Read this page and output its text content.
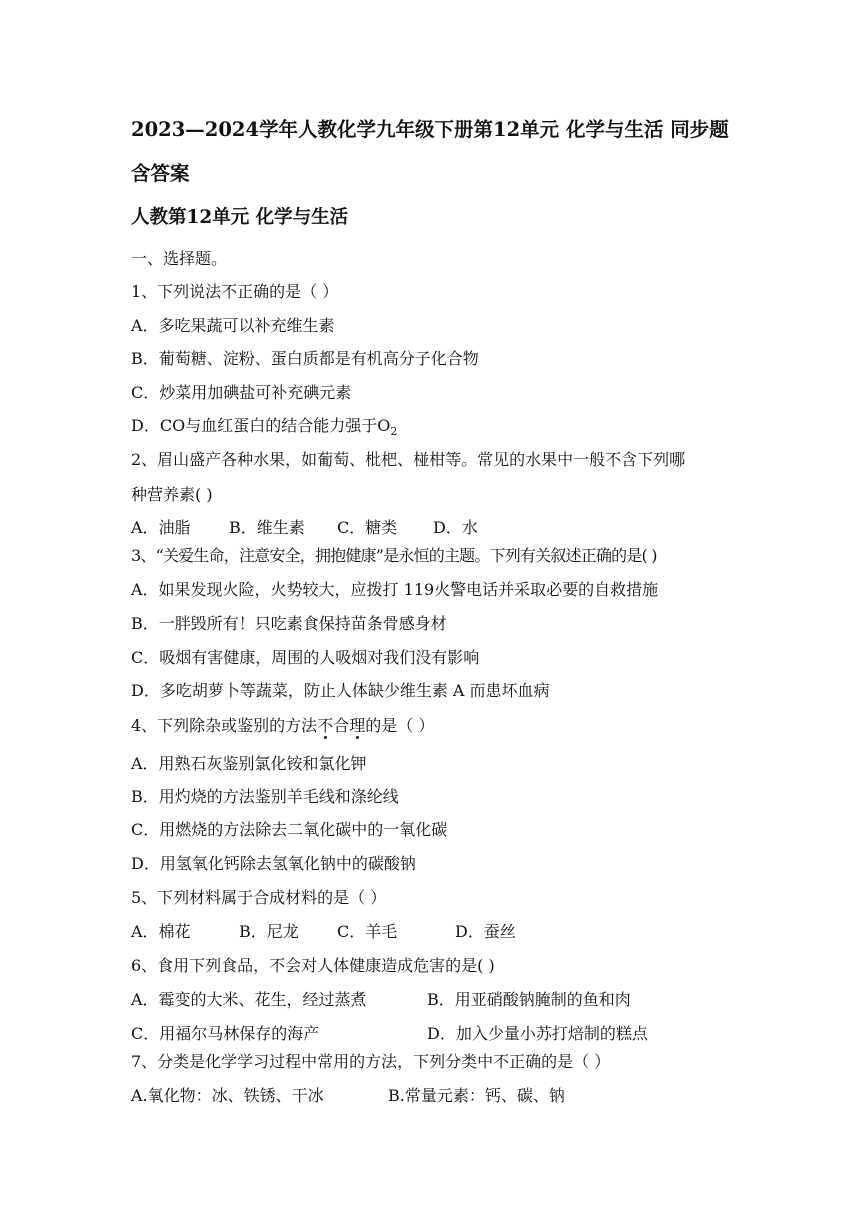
2023—2024学年人教化学九年级下册第12单元 化学与生活 同步题
含答案
人教第12单元 化学与生活
一、选择题。
1、下列说法不正确的是（ ）
A．多吃果蔬可以补充维生素
B．葡萄糖、淀粉、蛋白质都是有机高分子化合物
C．炒菜用加碘盐可补充碘元素
D．CO与血红蛋白的结合能力强于$O_2$
2、眉山盛产各种水果，如葡萄、枇杷、椪柑等。常见的水果中一般不含下列哪
种营养素( )
A．油脂	B．维生素	C．糖类	D．水
3、“关爱生命，注意安全，拥抱健康”是永恒的主题。下列有关叙述正确的是( )
A．如果发现火险，火势较大，应拨打 119火警电话并采取必要的自救措施
B．一胖毁所有！只吃素食保持苗条骨感身材
C．吸烟有害健康，周围的人吸烟对我们没有影响
D．多吃胡萝卜等蔬菜，防止人体缺少维生素 A 而患坏血病
4、下列除杂或鉴别的方法不合理的是（ ）
A．用熟石灰鉴别氯化铵和氯化钾
B．用灼烧的方法鉴别羊毛线和涤纶线
C．用燃烧的方法除去二氧化碳中的一氧化碳
D．用氢氧化钙除去氢氧化钠中的碳酸钠
5、下列材料属于合成材料的是（ ）
A．棉花	B．尼龙	C．羊毛	D．蚕丝
6、食用下列食品，不会对人体健康造成危害的是( )
A．霉变的大米、花生，经过蒸煮	B．用亚硝酸钠腌制的鱼和肉
C．用福尔马林保存的海产	D．加入少量小苏打焙制的糕点
7、分类是化学学习过程中常用的方法，下列分类中不正确的是（ ）
A.氧化物：冰、铁锈、干冰	B.常量元素：钙、碳、钠
